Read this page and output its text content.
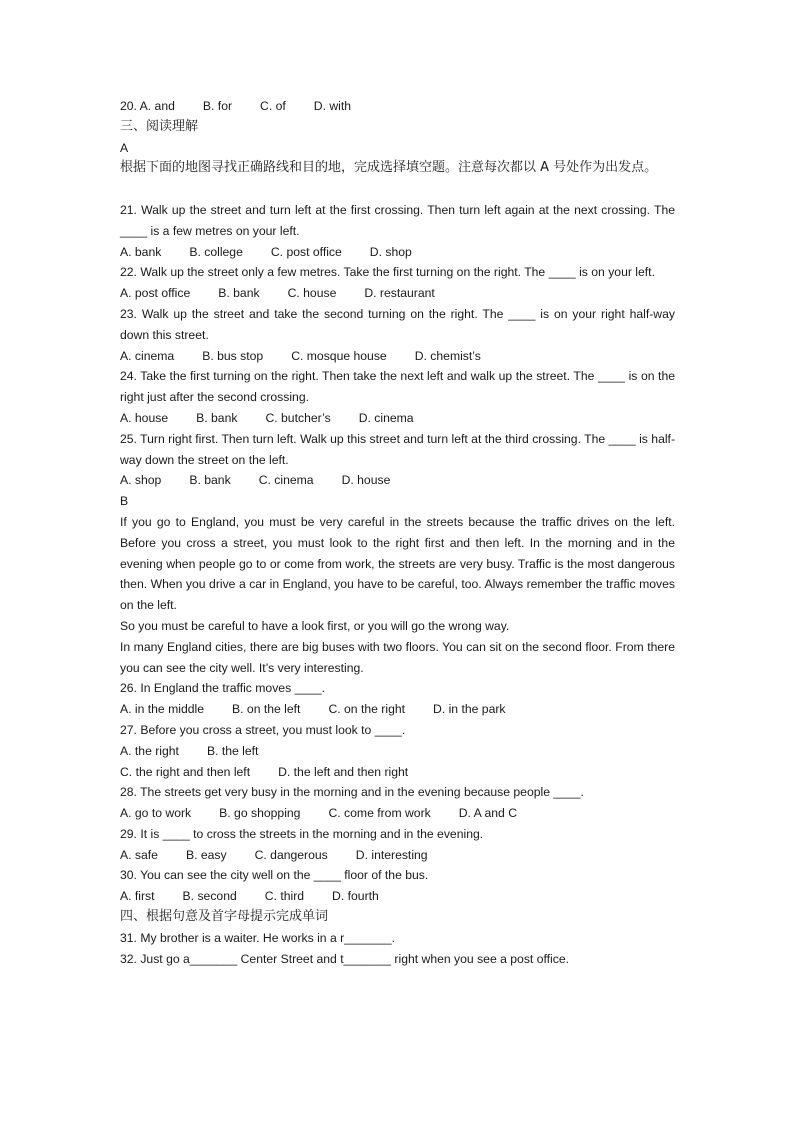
20. A. and B. for C. of D. with
三、阅读理解
A
根据下面的地图寻找正确路线和目的地，完成选择填空题。注意每次都以 A 号处作为出发点。
21. Walk up the street and turn left at the first crossing. Then turn left again at the next crossing. The ____ is a few metres on your left.
A. bank B. college C. post office D. shop
22. Walk up the street only a few metres. Take the first turning on the right. The ____ is on your left.
A. post office B. bank C. house D. restaurant
23. Walk up the street and take the second turning on the right. The ____ is on your right half-way down this street.
A. cinema B. bus stop C. mosque house D. chemist’s
24. Take the first turning on the right. Then take the next left and walk up the street. The ____ is on the right just after the second crossing.
A. house B. bank C. butcher’s D. cinema
25. Turn right first. Then turn left. Walk up this street and turn left at the third crossing. The ____ is half-way down the street on the left.
A. shop B. bank C. cinema D. house
B
If you go to England, you must be very careful in the streets because the traffic drives on the left. Before you cross a street, you must look to the right first and then left. In the morning and in the evening when people go to or come from work, the streets are very busy. Traffic is the most dangerous then. When you drive a car in England, you have to be careful, too. Always remember the traffic moves on the left.
So you must be careful to have a look first, or you will go the wrong way.
In many England cities, there are big buses with two floors. You can sit on the second floor. From there you can see the city well. It’s very interesting.
26. In England the traffic moves ____.
A. in the middle B. on the left C. on the right D. in the park
27. Before you cross a street, you must look to ____.
A. the right B. the left
C. the right and then left D. the left and then right
28. The streets get very busy in the morning and in the evening because people ____.
A. go to work B. go shopping C. come from work D. A and C
29. It is ____ to cross the streets in the morning and in the evening.
A. safe B. easy C. dangerous D. interesting
30. You can see the city well on the ____ floor of the bus.
A. first B. second C. third D. fourth
四、根据句意及首字母提示完成单词
31. My brother is a waiter. He works in a r_______.
32. Just go a_______ Center Street and t_______ right when you see a post office.
